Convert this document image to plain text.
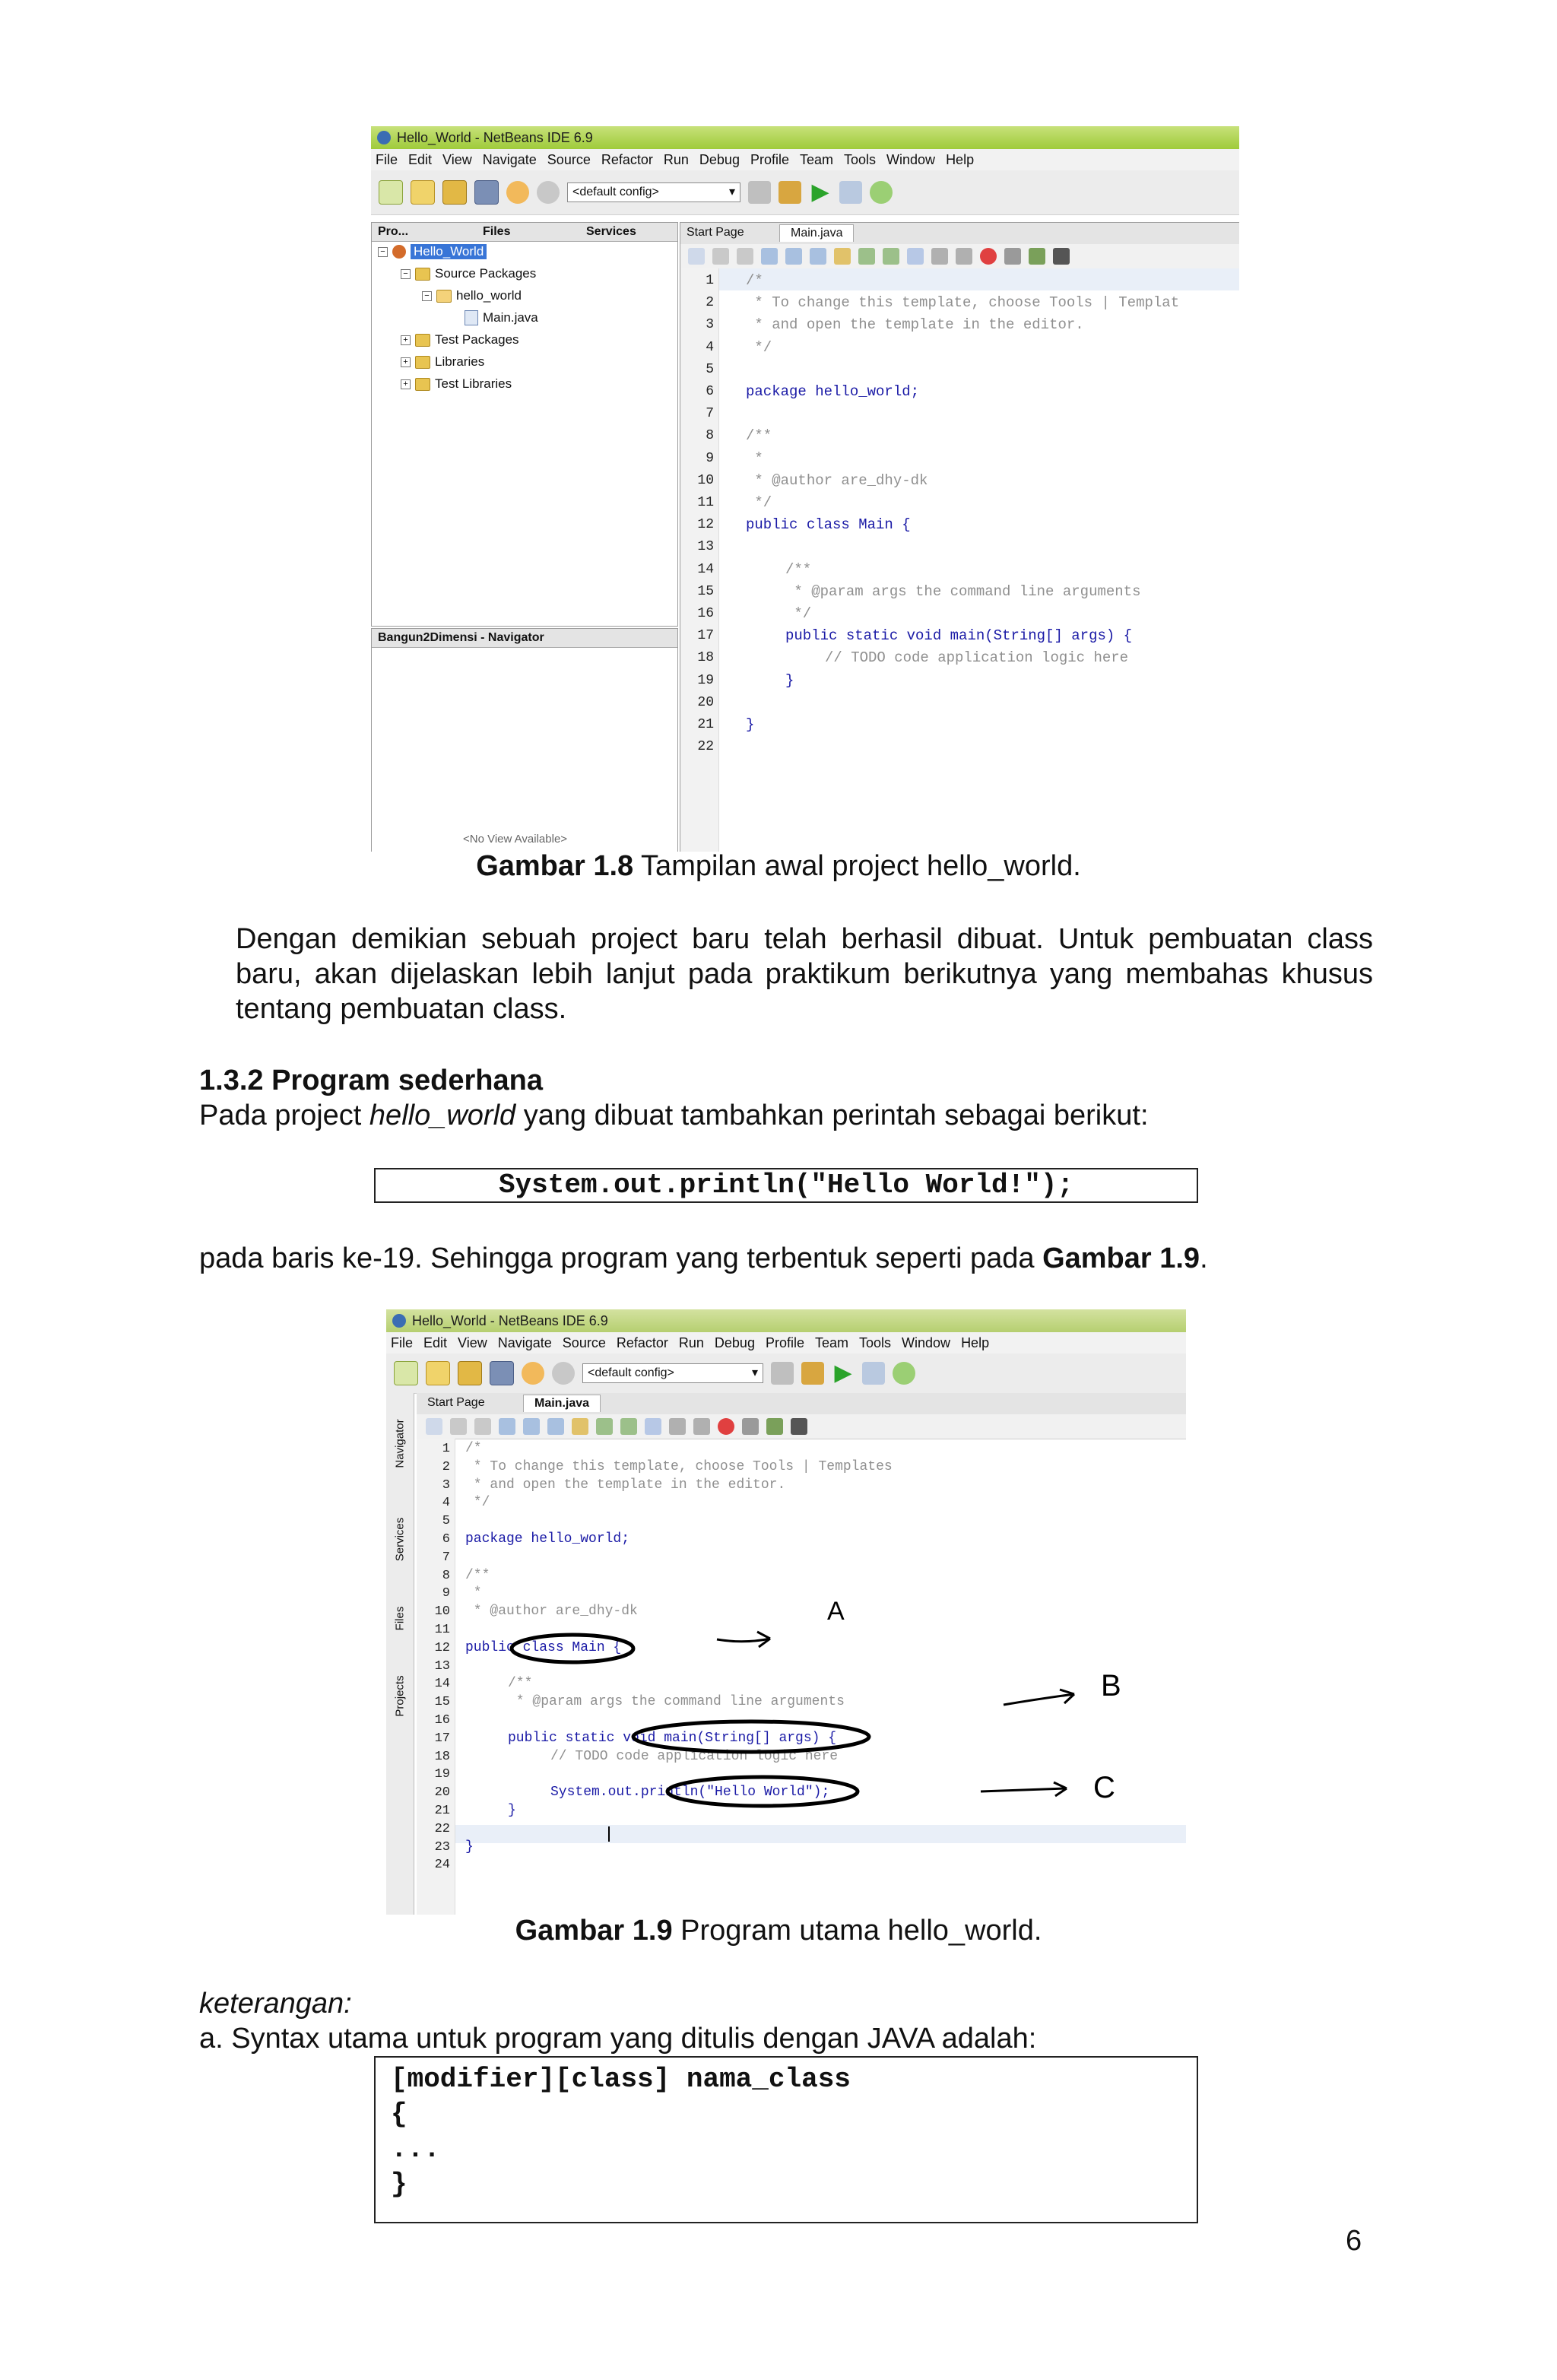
Hello_World - NetBeans IDE 6.9
File Edit View Navigate Source Refactor Run Debug Profile Team Tools Window Help
<default config>
▾	▶
Pro...	Files	Services
− Hello_World
− Source Packages
− hello_world
Main.java
+ Test Packages
+ Libraries
+ Test Libraries
Bangun2Dimensi - Navigator
<No View Available>
Start Page	Main.java
1
2
3
4
5
6
7
8
9
10
11
12
13
14
15
16
17
18
19
20
21
22
/*
* To change this template, choose Tools | Templat
* and open the template in the editor.
*/
package hello_world;
/**
*
* @author are_dhy-dk
*/
public class Main {
/**
* @param args the command line arguments
*/
public static void main(String[] args) {
// TODO code application logic here
}
}
Gambar 1.8 Tampilan awal project hello_world.
Dengan demikian sebuah project baru telah berhasil dibuat. Untuk pembuatan class baru, akan dijelaskan lebih lanjut pada praktikum berikutnya yang membahas khusus tentang pembuatan class.
1.3.2 Program sederhana
Pada project hello_world yang dibuat tambahkan perintah sebagai berikut:
System.out.println("Hello World!");
pada baris ke-19. Sehingga program yang terbentuk seperti pada Gambar 1.9.
Hello_World - NetBeans IDE 6.9
File Edit View Navigate Source Refactor Run Debug Profile Team Tools Window Help
<default config>
▾	▶
Navigator
Services
Files
Projects
Start Page	Main.java
1
2
3
4
5
6
7
8
9
10
11
12
13
14
15
16
17
18
19
20
21
22
23
24
/*
* To change this template, choose Tools | Templates
* and open the template in the editor.
*/
package hello_world;
/**
*
* @author are_dhy-dk
public class Main {
/**
* @param args the command line arguments
public static void main(String[] args) {
// TODO code application logic here
System.out.println("Hello World");
}
}
A
B
C
Gambar 1.9 Program utama hello_world.
keterangan:
a. Syntax utama untuk program yang ditulis dengan JAVA adalah:
[modifier][class] nama_class
{
...
}
6
